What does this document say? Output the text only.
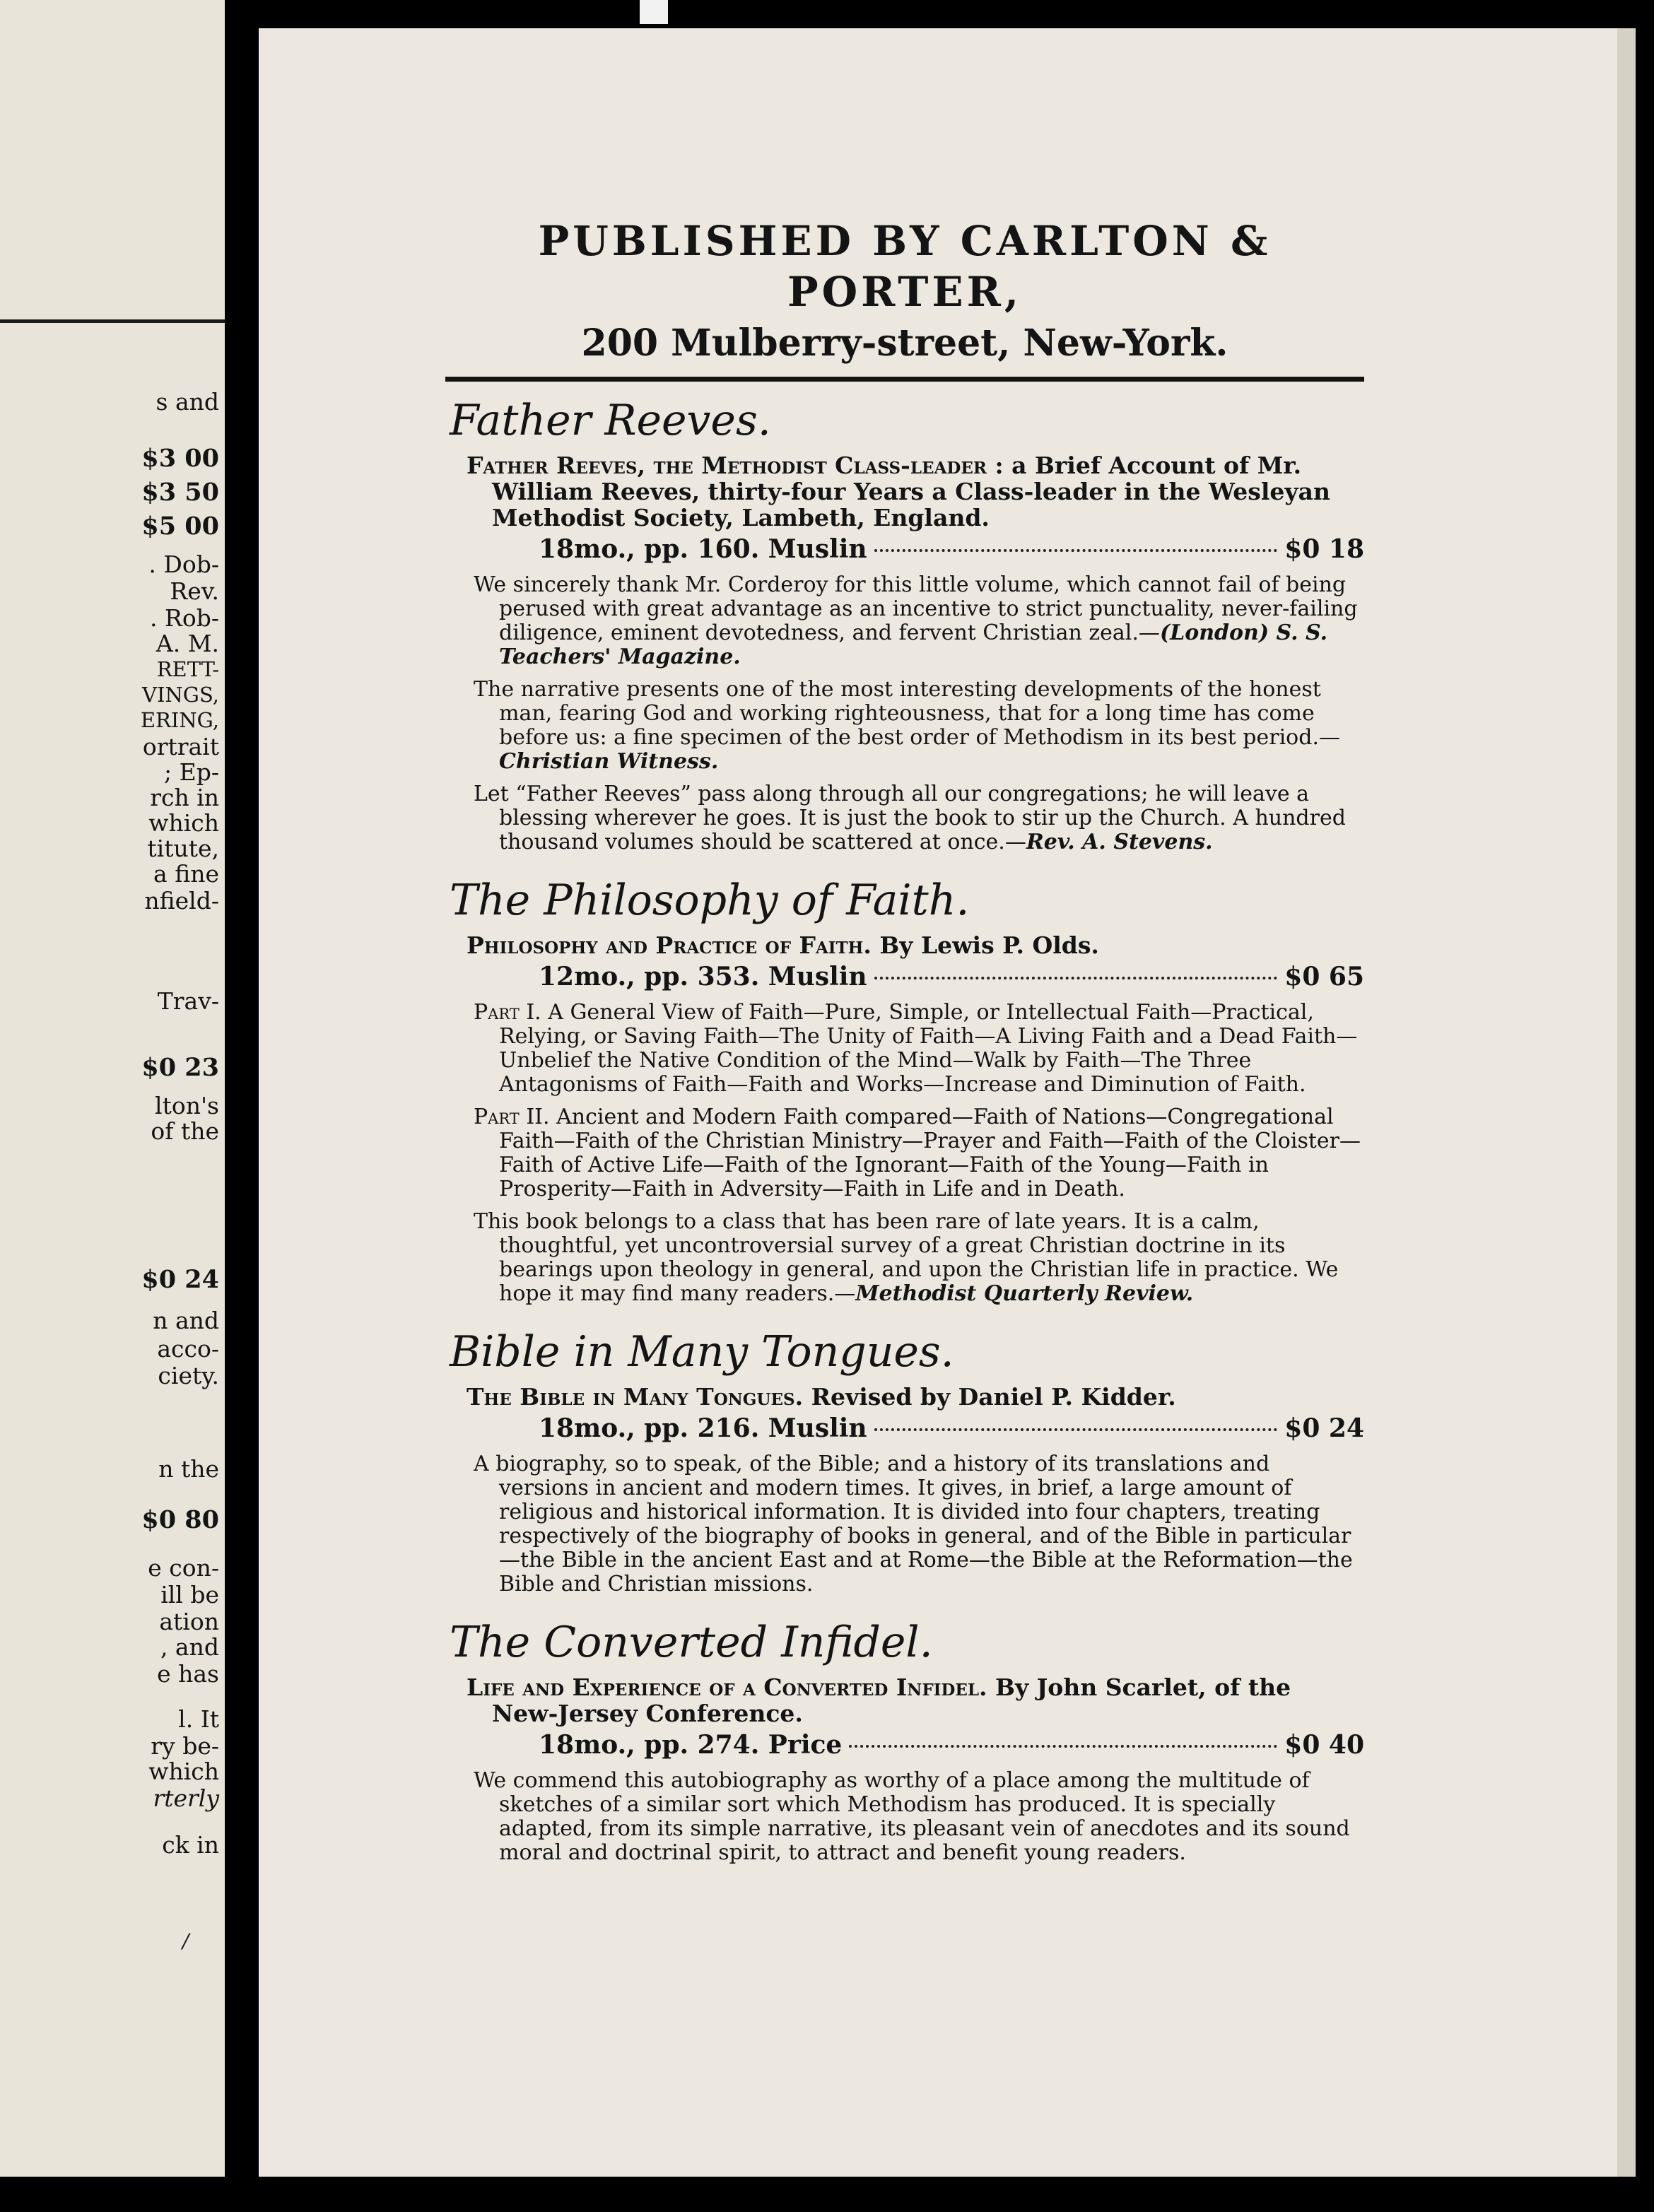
s and

$3 00

$3 50

$5 00

. Dob-

Rev.

. Rob-

A. M.

RETT-

VINGS,

ERING,

ortrait

; Ep-

rch in

which

titute,

a fine

nfield-

Trav-

$0 23

lton's

of the

$0 24

n and

acco-

ciety.

n the

$0 80

e con-

ill be

ation

, and

e has

l. It

ry be-

which

rterly

ck in

PUBLISHED BY CARLTON & PORTER,

200 Mulberry-street, New-York.

Father Reeves.

Father Reeves, the Methodist Class-leader : a Brief Account of Mr. William Reeves, thirty-four Years a Class-leader in the Wesleyan Methodist Society, Lambeth, England.

18mo., pp. 160. Muslin	$0 18

We sincerely thank Mr. Corderoy for this little volume, which cannot fail of being perused with great advantage as an incentive to strict punctuality, never-failing diligence, eminent devotedness, and fervent Christian zeal.—(London) S. S. Teachers' Magazine.

The narrative presents one of the most interesting developments of the honest man, fearing God and working righteousness, that for a long time has come before us: a fine specimen of the best order of Methodism in its best period.—Christian Witness.

Let “Father Reeves” pass along through all our congregations; he will leave a blessing wherever he goes. It is just the book to stir up the Church. A hundred thousand volumes should be scattered at once.—Rev. A. Stevens.

The Philosophy of Faith.

Philosophy and Practice of Faith. By Lewis P. Olds.

12mo., pp. 353. Muslin	$0 65

Part I. A General View of Faith—Pure, Simple, or Intellectual Faith—Practical, Relying, or Saving Faith—The Unity of Faith—A Living Faith and a Dead Faith—Unbelief the Native Condition of the Mind—Walk by Faith—The Three Antagonisms of Faith—Faith and Works—Increase and Diminution of Faith.

Part II. Ancient and Modern Faith compared—Faith of Nations—Congregational Faith—Faith of the Christian Ministry—Prayer and Faith—Faith of the Cloister—Faith of Active Life—Faith of the Ignorant—Faith of the Young—Faith in Prosperity—Faith in Adversity—Faith in Life and in Death.

This book belongs to a class that has been rare of late years. It is a calm, thoughtful, yet uncontroversial survey of a great Christian doctrine in its bearings upon theology in general, and upon the Christian life in practice. We hope it may find many readers.—Methodist Quarterly Review.

Bible in Many Tongues.

The Bible in Many Tongues. Revised by Daniel P. Kidder.

18mo., pp. 216. Muslin	$0 24

A biography, so to speak, of the Bible; and a history of its translations and versions in ancient and modern times. It gives, in brief, a large amount of religious and historical information. It is divided into four chapters, treating respectively of the biography of books in general, and of the Bible in particular—the Bible in the ancient East and at Rome—the Bible at the Reformation—the Bible and Christian missions.

The Converted Infidel.

Life and Experience of a Converted Infidel. By John Scarlet, of the New-Jersey Conference.

18mo., pp. 274. Price	$0 40

We commend this autobiography as worthy of a place among the multitude of sketches of a similar sort which Methodism has produced. It is specially adapted, from its simple narrative, its pleasant vein of anecdotes and its sound moral and doctrinal spirit, to attract and benefit young readers.

/
